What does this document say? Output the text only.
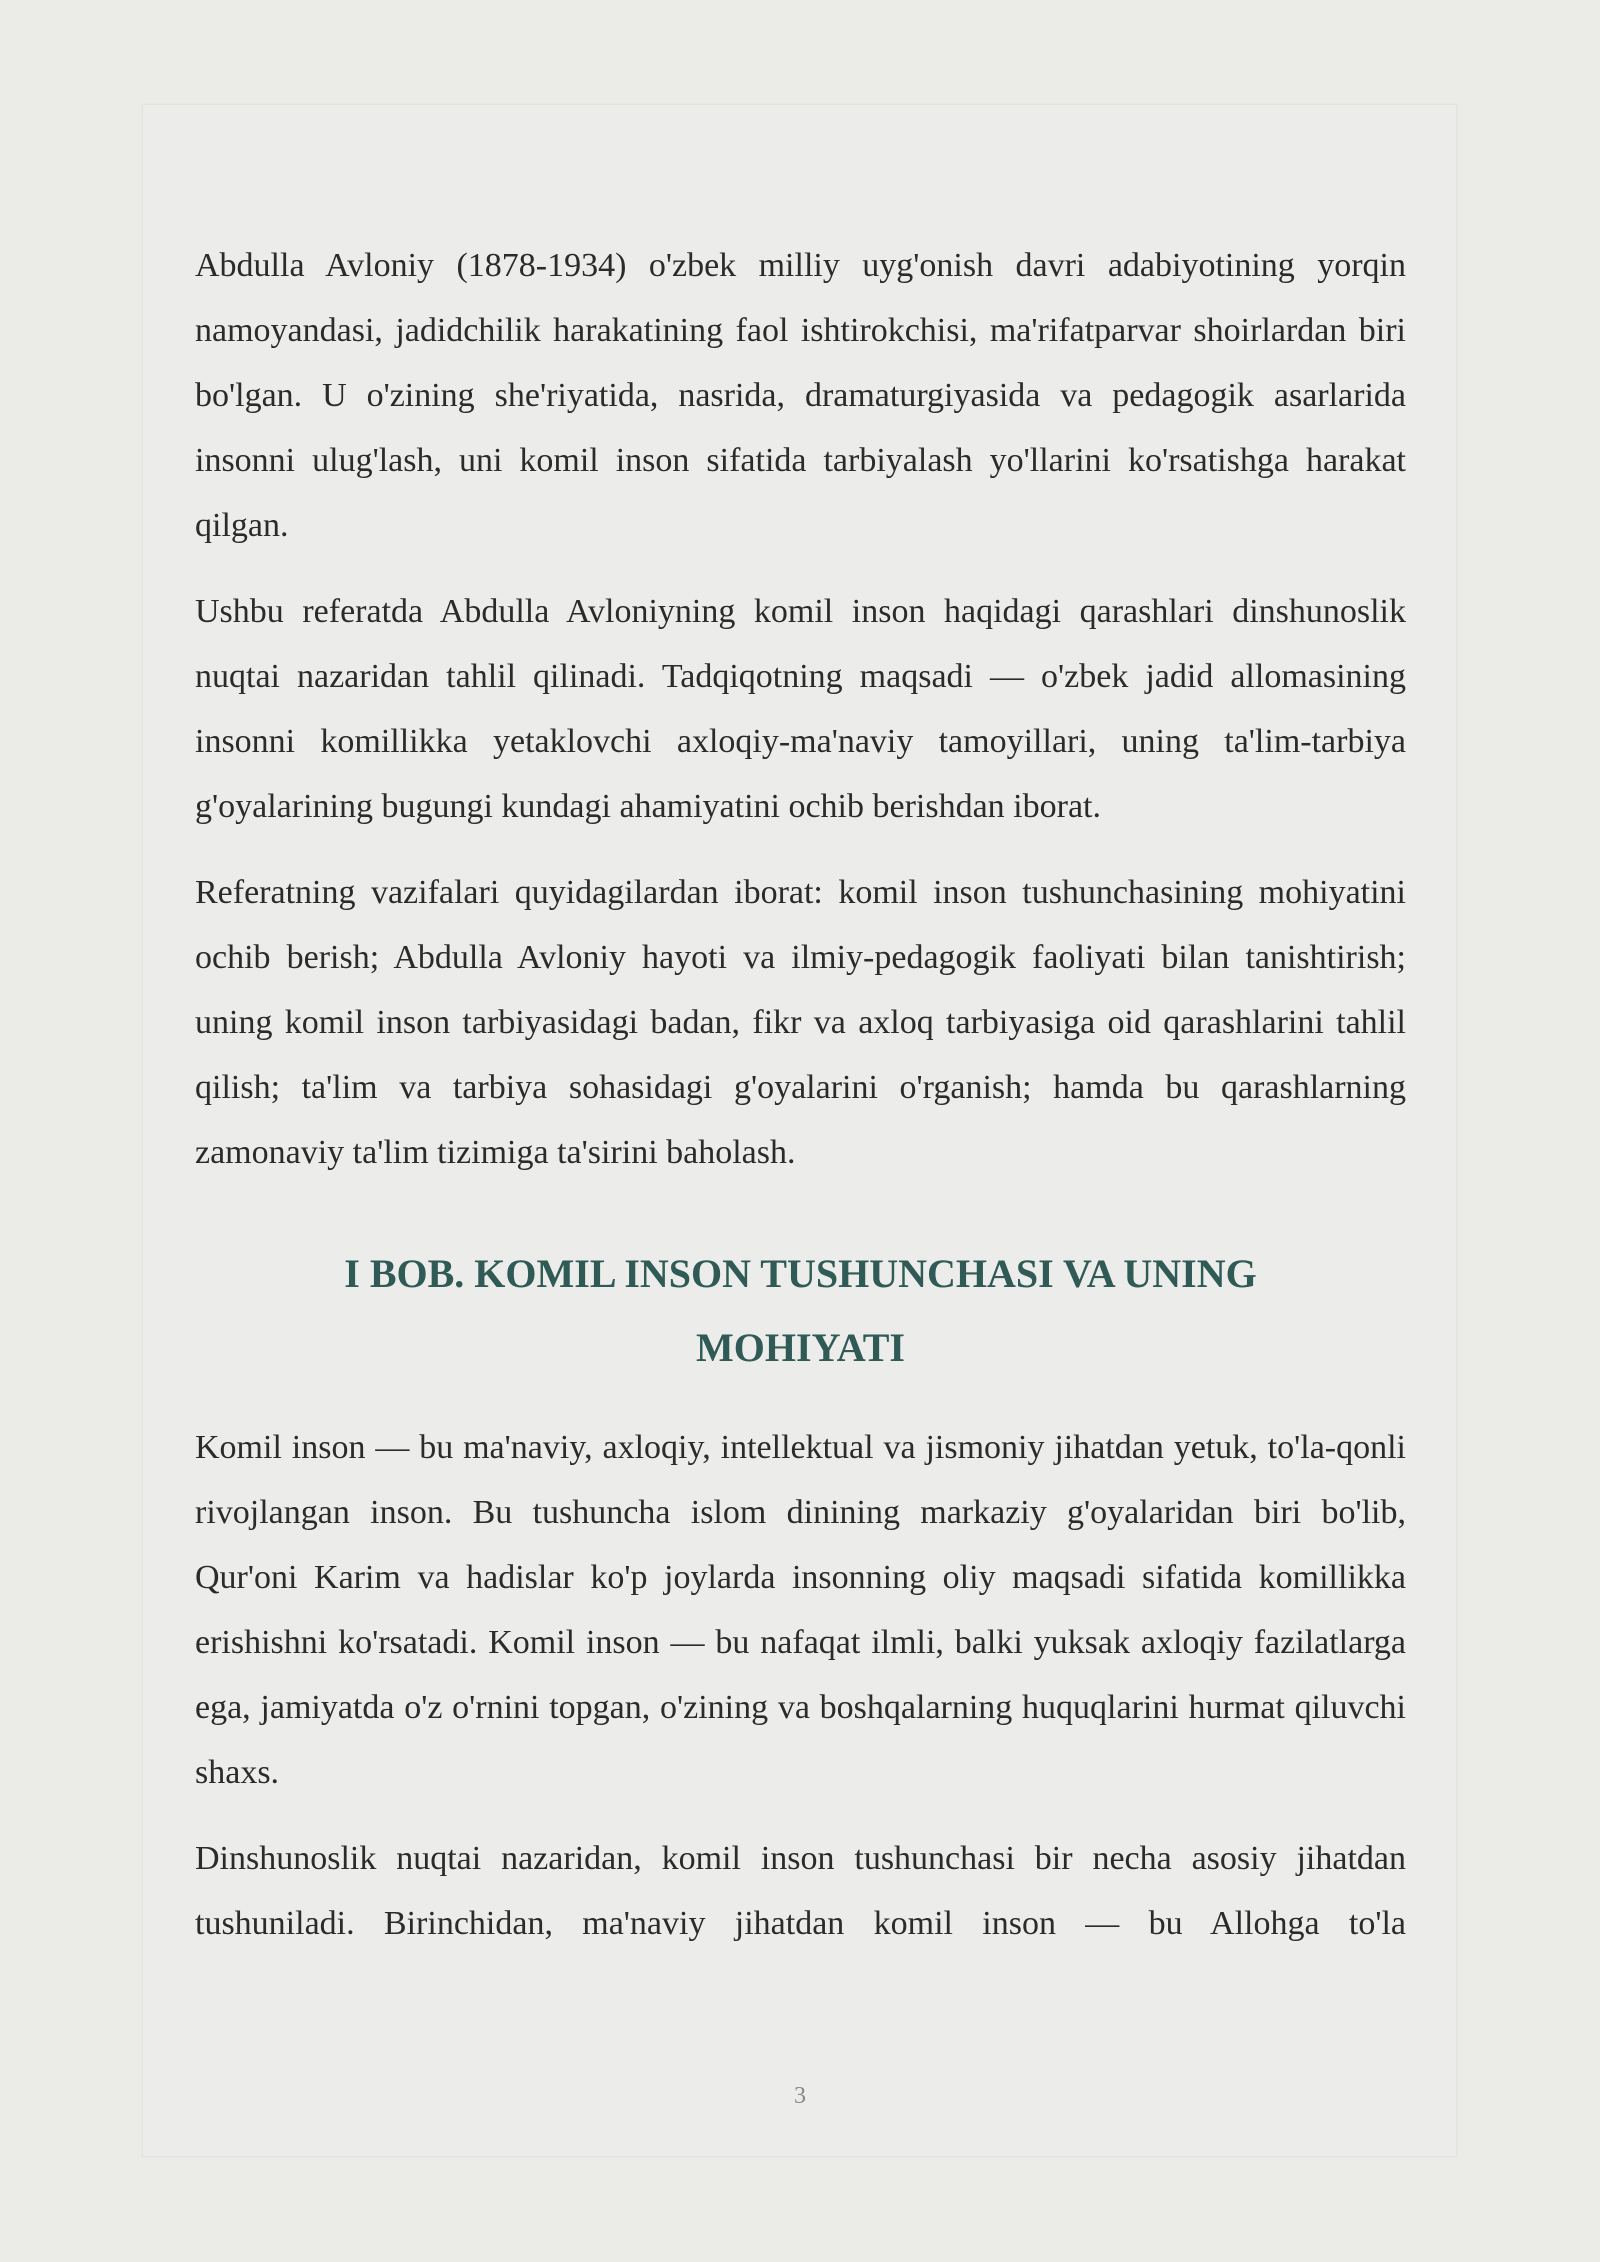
Abdulla Avloniy (1878-1934) o'zbek milliy uyg'onish davri adabiyotining yorqin namoyandasi, jadidchilik harakatining faol ishtirokchisi, ma'rifatparvar shoirlardan biri bo'lgan. U o'zining she'riyatida, nasrida, dramaturgiyasida va pedagogik asarlarida insonni ulug'lash, uni komil inson sifatida tarbiyalash yo'llarini ko'rsatishga harakat qilgan.

Ushbu referatda Abdulla Avloniyning komil inson haqidagi qarashlari dinshunoslik nuqtai nazaridan tahlil qilinadi. Tadqiqotning maqsadi — o'zbek jadid allomasining insonni komillikka yetaklovchi axloqiy-ma'naviy tamoyillari, uning ta'lim-tarbiya g'oyalarining bugungi kundagi ahamiyatini ochib berishdan iborat.

Referatning vazifalari quyidagilardan iborat: komil inson tushunchasining mohiyatini ochib berish; Abdulla Avloniy hayoti va ilmiy-pedagogik faoliyati bilan tanishtirish; uning komil inson tarbiyasidagi badan, fikr va axloq tarbiyasiga oid qarashlarini tahlil qilish; ta'lim va tarbiya sohasidagi g'oyalarini o'rganish; hamda bu qarashlarning zamonaviy ta'lim tizimiga ta'sirini baholash.

I BOB. KOMIL INSON TUSHUNCHASI VA UNING
MOHIYATI

Komil inson — bu ma'naviy, axloqiy, intellektual va jismoniy jihatdan yetuk, to'la-qonli rivojlangan inson. Bu tushuncha islom dinining markaziy g'oyalaridan biri bo'lib, Qur'oni Karim va hadislar ko'p joylarda insonning oliy maqsadi sifatida komillikka erishishni ko'rsatadi. Komil inson — bu nafaqat ilmli, balki yuksak axloqiy fazilatlarga ega, jamiyatda o'z o'rnini topgan, o'zining va boshqalarning huquqlarini hurmat qiluvchi shaxs.

Dinshunoslik nuqtai nazaridan, komil inson tushunchasi bir necha asosiy jihatdan tushuniladi. Birinchidan, ma'naviy jihatdan komil inson — bu Allohga to'la

3
